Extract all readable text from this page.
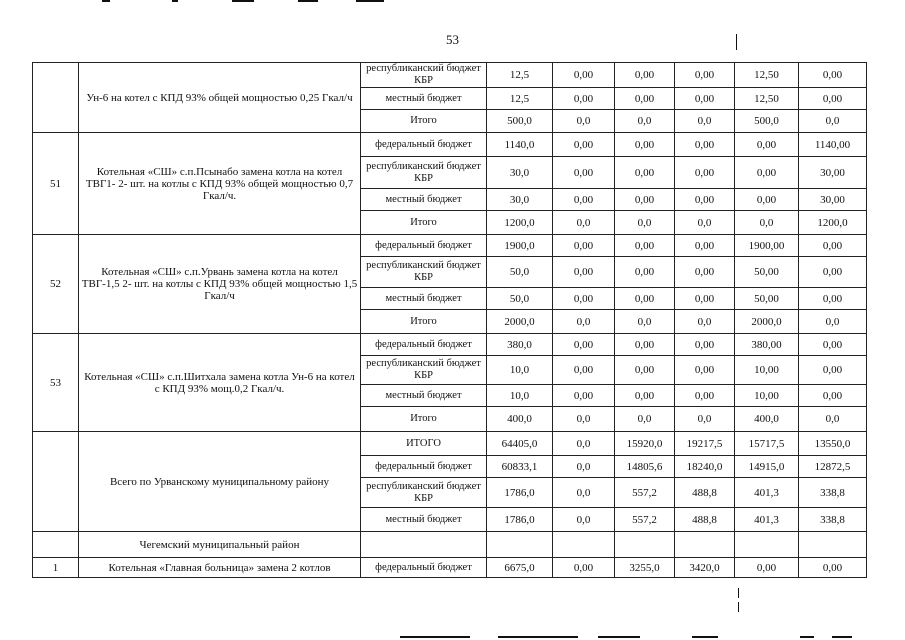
53
	Ун-6 на котел с КПД 93% общей мощностью 0,25 Гкал/ч	республиканский бюджет КБР	12,5	0,00	0,00	0,00	12,50	0,00
		местный бюджет	12,5	0,00	0,00	0,00	12,50	0,00
		Итого	500,0	0,0	0,0	0,0	500,0	0,0
51	Котельная «СШ» с.п.Псынабо замена котла на котел ТВГ1- 2- шт. на котлы с КПД 93% общей мощностью 0,7 Гкал/ч.	федеральный бюджет	1140,0	0,00	0,00	0,00	0,00	1140,00
		республиканский бюджет КБР	30,0	0,00	0,00	0,00	0,00	30,00
		местный бюджет	30,0	0,00	0,00	0,00	0,00	30,00
		Итого	1200,0	0,0	0,0	0,0	0,0	1200,0
52	Котельная «СШ» с.п.Урвань замена котла на котел ТВГ-1,5 2- шт. на котлы с КПД 93% общей мощностью 1,5 Гкал/ч	федеральный бюджет	1900,0	0,00	0,00	0,00	1900,00	0,00
		республиканский бюджет КБР	50,0	0,00	0,00	0,00	50,00	0,00
		местный бюджет	50,0	0,00	0,00	0,00	50,00	0,00
		Итого	2000,0	0,0	0,0	0,0	2000,0	0,0
53	Котельная «СШ» с.п.Шитхала замена котла Ун-6 на котел с КПД 93% мощ.0,2 Гкал/ч.	федеральный бюджет	380,0	0,00	0,00	0,00	380,00	0,00
		республиканский бюджет КБР	10,0	0,00	0,00	0,00	10,00	0,00
		местный бюджет	10,0	0,00	0,00	0,00	10,00	0,00
		Итого	400,0	0,0	0,0	0,0	400,0	0,0
	Всего по Урванскому муниципальному району	ИТОГО	64405,0	0,0	15920,0	19217,5	15717,5	13550,0
		федеральный бюджет	60833,1	0,0	14805,6	18240,0	14915,0	12872,5
		республиканский бюджет КБР	1786,0	0,0	557,2	488,8	401,3	338,8
		местный бюджет	1786,0	0,0	557,2	488,8	401,3	338,8
	Чегемский муниципальный район							
1	Котельная «Главная больница» замена 2 котлов	федеральный бюджет	6675,0	0,00	3255,0	3420,0	0,00	0,00
